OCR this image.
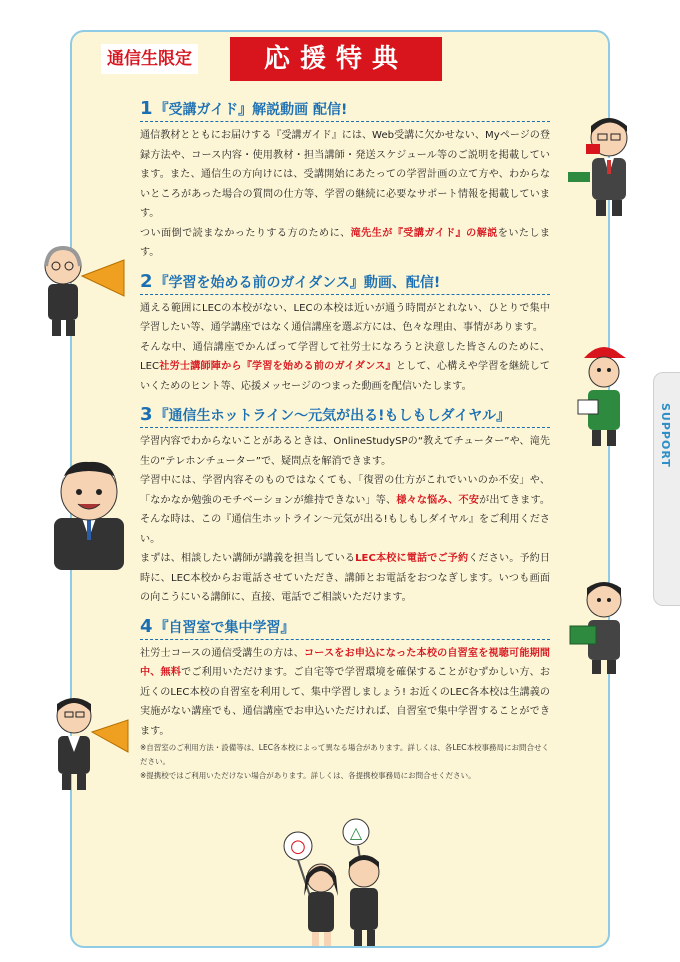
SUPPORT
通信生限定	応援特典
1 『受講ガイド』解説動画 配信!

通信教材とともにお届けする『受講ガイド』には、Web受講に欠かせない、Myページの登録方法や、コース内容・使用教材・担当講師・発送スケジュール等のご説明を掲載しています。また、通信生の方向けには、受講開始にあたっての学習計画の立て方や、わからないところがあった場合の質問の仕方等、学習の継続に必要なサポート情報を掲載しています。

つい面倒で読まなかったりする方のために、滝先生が『受講ガイド』の解説をいたします。

2 『学習を始める前のガイダンス』動画、配信!

通える範囲にLECの本校がない、LECの本校は近いが通う時間がとれない、ひとりで集中学習したい等、通学講座ではなく通信講座を選ぶ方には、色々な理由、事情があります。

そんな中、通信講座でかんばって学習して社労士になろうと決意した皆さんのために、LEC社労士講師陣から『学習を始める前のガイダンス』として、心構えや学習を継続していくためのヒント等、応援メッセージのつまった動画を配信いたします。

3 『通信生ホットライン～元気が出る!もしもしダイヤル』

学習内容でわからないことがあるときは、OnlineStudySPの“教えてチューター”や、滝先生の“テレホンチューター”で、疑問点を解消できます。

学習中には、学習内容そのものではなくても、「復習の仕方がこれでいいのか不安」や、「なかなか勉強のモチベーションが維持できない」等、様々な悩み、不安が出てきます。そんな時は、この『通信生ホットライン～元気が出る!もしもしダイヤル』をご利用ください。

まずは、相談したい講師が講義を担当しているLEC本校に電話でご予約ください。予約日時に、LEC本校からお電話させていただき、講師とお電話をおつなぎします。いつも画面の向こうにいる講師に、直接、電話でご相談いただけます。

4 『自習室で集中学習』

社労士コースの通信受講生の方は、コースをお申込になった本校の自習室を視聴可能期間中、無料でご利用いただけます。ご自宅等で学習環境を確保することがむずかしい方、お近くのLEC本校の自習室を利用して、集中学習しましょう! お近くのLEC各本校は生講義の実施がない講座でも、通信講座でお申込いただければ、自習室で集中学習することができます。

※自習室のご利用方法・設備等は、LEC各本校によって異なる場合があります。詳しくは、各LEC本校事務局にお問合せください。

※提携校ではご利用いただけない場合があります。詳しくは、各提携校事務局にお問合せください。

○
△
